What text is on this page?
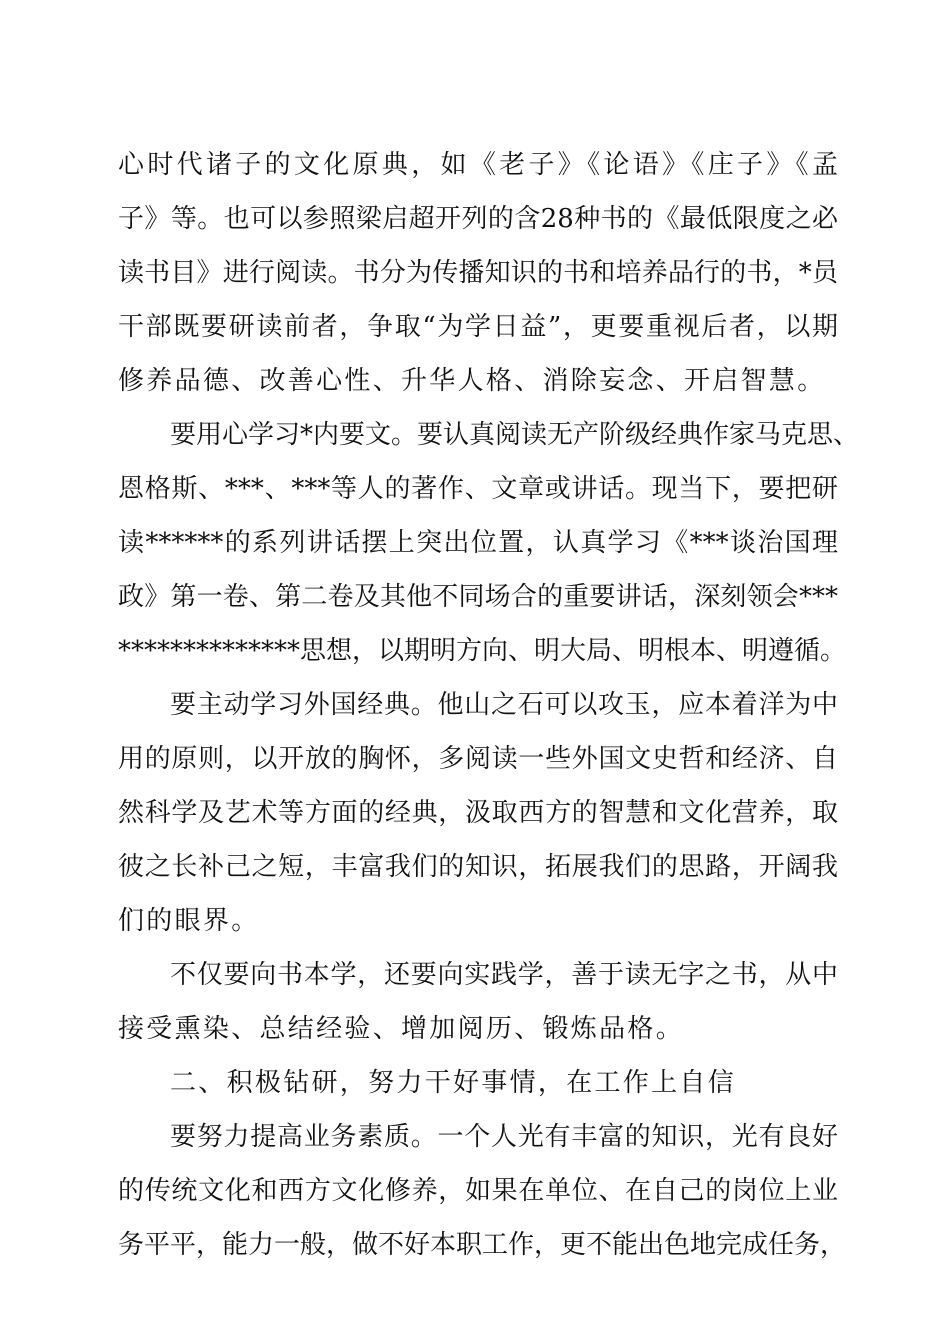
心时代诸子的文化原典，如《老子》《论语》《庄子》《孟
子》等。也可以参照梁启超开列的含28种书的《最低限度之必
读书目》进行阅读。书分为传播知识的书和培养品行的书，*员
干部既要研读前者，争取“为学日益”，更要重视后者，以期
修养品德、改善心性、升华人格、消除妄念、开启智慧。
要用心学习*内要文。要认真阅读无产阶级经典作家马克思、
恩格斯、***、***等人的著作、文章或讲话。现当下，要把研
读******的系列讲话摆上突出位置，认真学习《***谈治国理
政》第一卷、第二卷及其他不同场合的重要讲话，深刻领会***
**************思想，以期明方向、明大局、明根本、明遵循。
要主动学习外国经典。他山之石可以攻玉，应本着洋为中
用的原则，以开放的胸怀，多阅读一些外国文史哲和经济、自
然科学及艺术等方面的经典，汲取西方的智慧和文化营养，取
彼之长补己之短，丰富我们的知识，拓展我们的思路，开阔我
们的眼界。
不仅要向书本学，还要向实践学，善于读无字之书，从中
接受熏染、总结经验、增加阅历、锻炼品格。
二、积极钻研，努力干好事情，在工作上自信
要努力提高业务素质。一个人光有丰富的知识，光有良好
的传统文化和西方文化修养，如果在单位、在自己的岗位上业
务平平，能力一般，做不好本职工作，更不能出色地完成任务，
